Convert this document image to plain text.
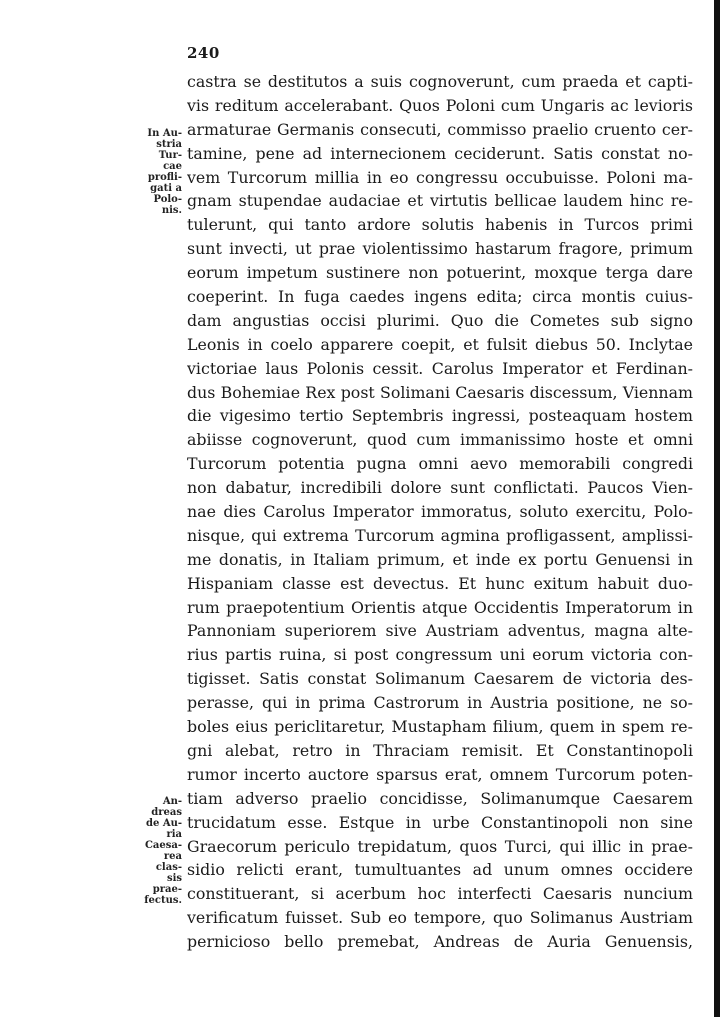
240
In Au-
stria
Tur-
cae
profli-
gati a
Polo-
nis.
An-
dreas
de Au-
ria
Caesa-
rea
clas-
sis
prae-
fectus.
castra se destitutos a suis cognoverunt, cum praeda et capti-
vis reditum accelerabant. Quos Poloni cum Ungaris ac levioris
armaturae Germanis consecuti, commisso praelio cruento cer-
tamine, pene ad internecionem ceciderunt. Satis constat no-
vem Turcorum millia in eo congressu occubuisse. Poloni ma-
gnam stupendae audaciae et virtutis bellicae laudem hinc re-
tulerunt, qui tanto ardore solutis habenis in Turcos primi
sunt invecti, ut prae violentissimo hastarum fragore, primum
eorum impetum sustinere non potuerint, moxque terga dare
coeperint. In fuga caedes ingens edita; circa montis cuius-
dam angustias occisi plurimi. Quo die Cometes sub signo
Leonis in coelo apparere coepit, et fulsit diebus 50. Inclytae
victoriae laus Polonis cessit. Carolus Imperator et Ferdinan-
dus Bohemiae Rex post Solimani Caesaris discessum, Viennam
die vigesimo tertio Septembris ingressi, posteaquam hostem
abiisse cognoverunt, quod cum immanissimo hoste et omni
Turcorum potentia pugna omni aevo memorabili congredi
non dabatur, incredibili dolore sunt conflictati. Paucos Vien-
nae dies Carolus Imperator immoratus, soluto exercitu, Polo-
nisque, qui extrema Turcorum agmina profligassent, amplissi-
me donatis, in Italiam primum, et inde ex portu Genuensi in
Hispaniam classe est devectus. Et hunc exitum habuit duo-
rum praepotentium Orientis atque Occidentis Imperatorum in
Pannoniam superiorem sive Austriam adventus, magna alte-
rius partis ruina, si post congressum uni eorum victoria con-
tigisset. Satis constat Solimanum Caesarem de victoria des-
perasse, qui in prima Castrorum in Austria positione, ne so-
boles eius periclitaretur, Mustapham filium, quem in spem re-
gni alebat, retro in Thraciam remisit. Et Constantinopoli
rumor incerto auctore sparsus erat, omnem Turcorum poten-
tiam adverso praelio concidisse, Solimanumque Caesarem
trucidatum esse. Estque in urbe Constantinopoli non sine
Graecorum periculo trepidatum, quos Turci, qui illic in prae-
sidio relicti erant, tumultuantes ad unum omnes occidere
constituerant, si acerbum hoc interfecti Caesaris nuncium
verificatum fuisset. Sub eo tempore, quo Solimanus Austriam
pernicioso bello premebat, Andreas de Auria Genuensis,
